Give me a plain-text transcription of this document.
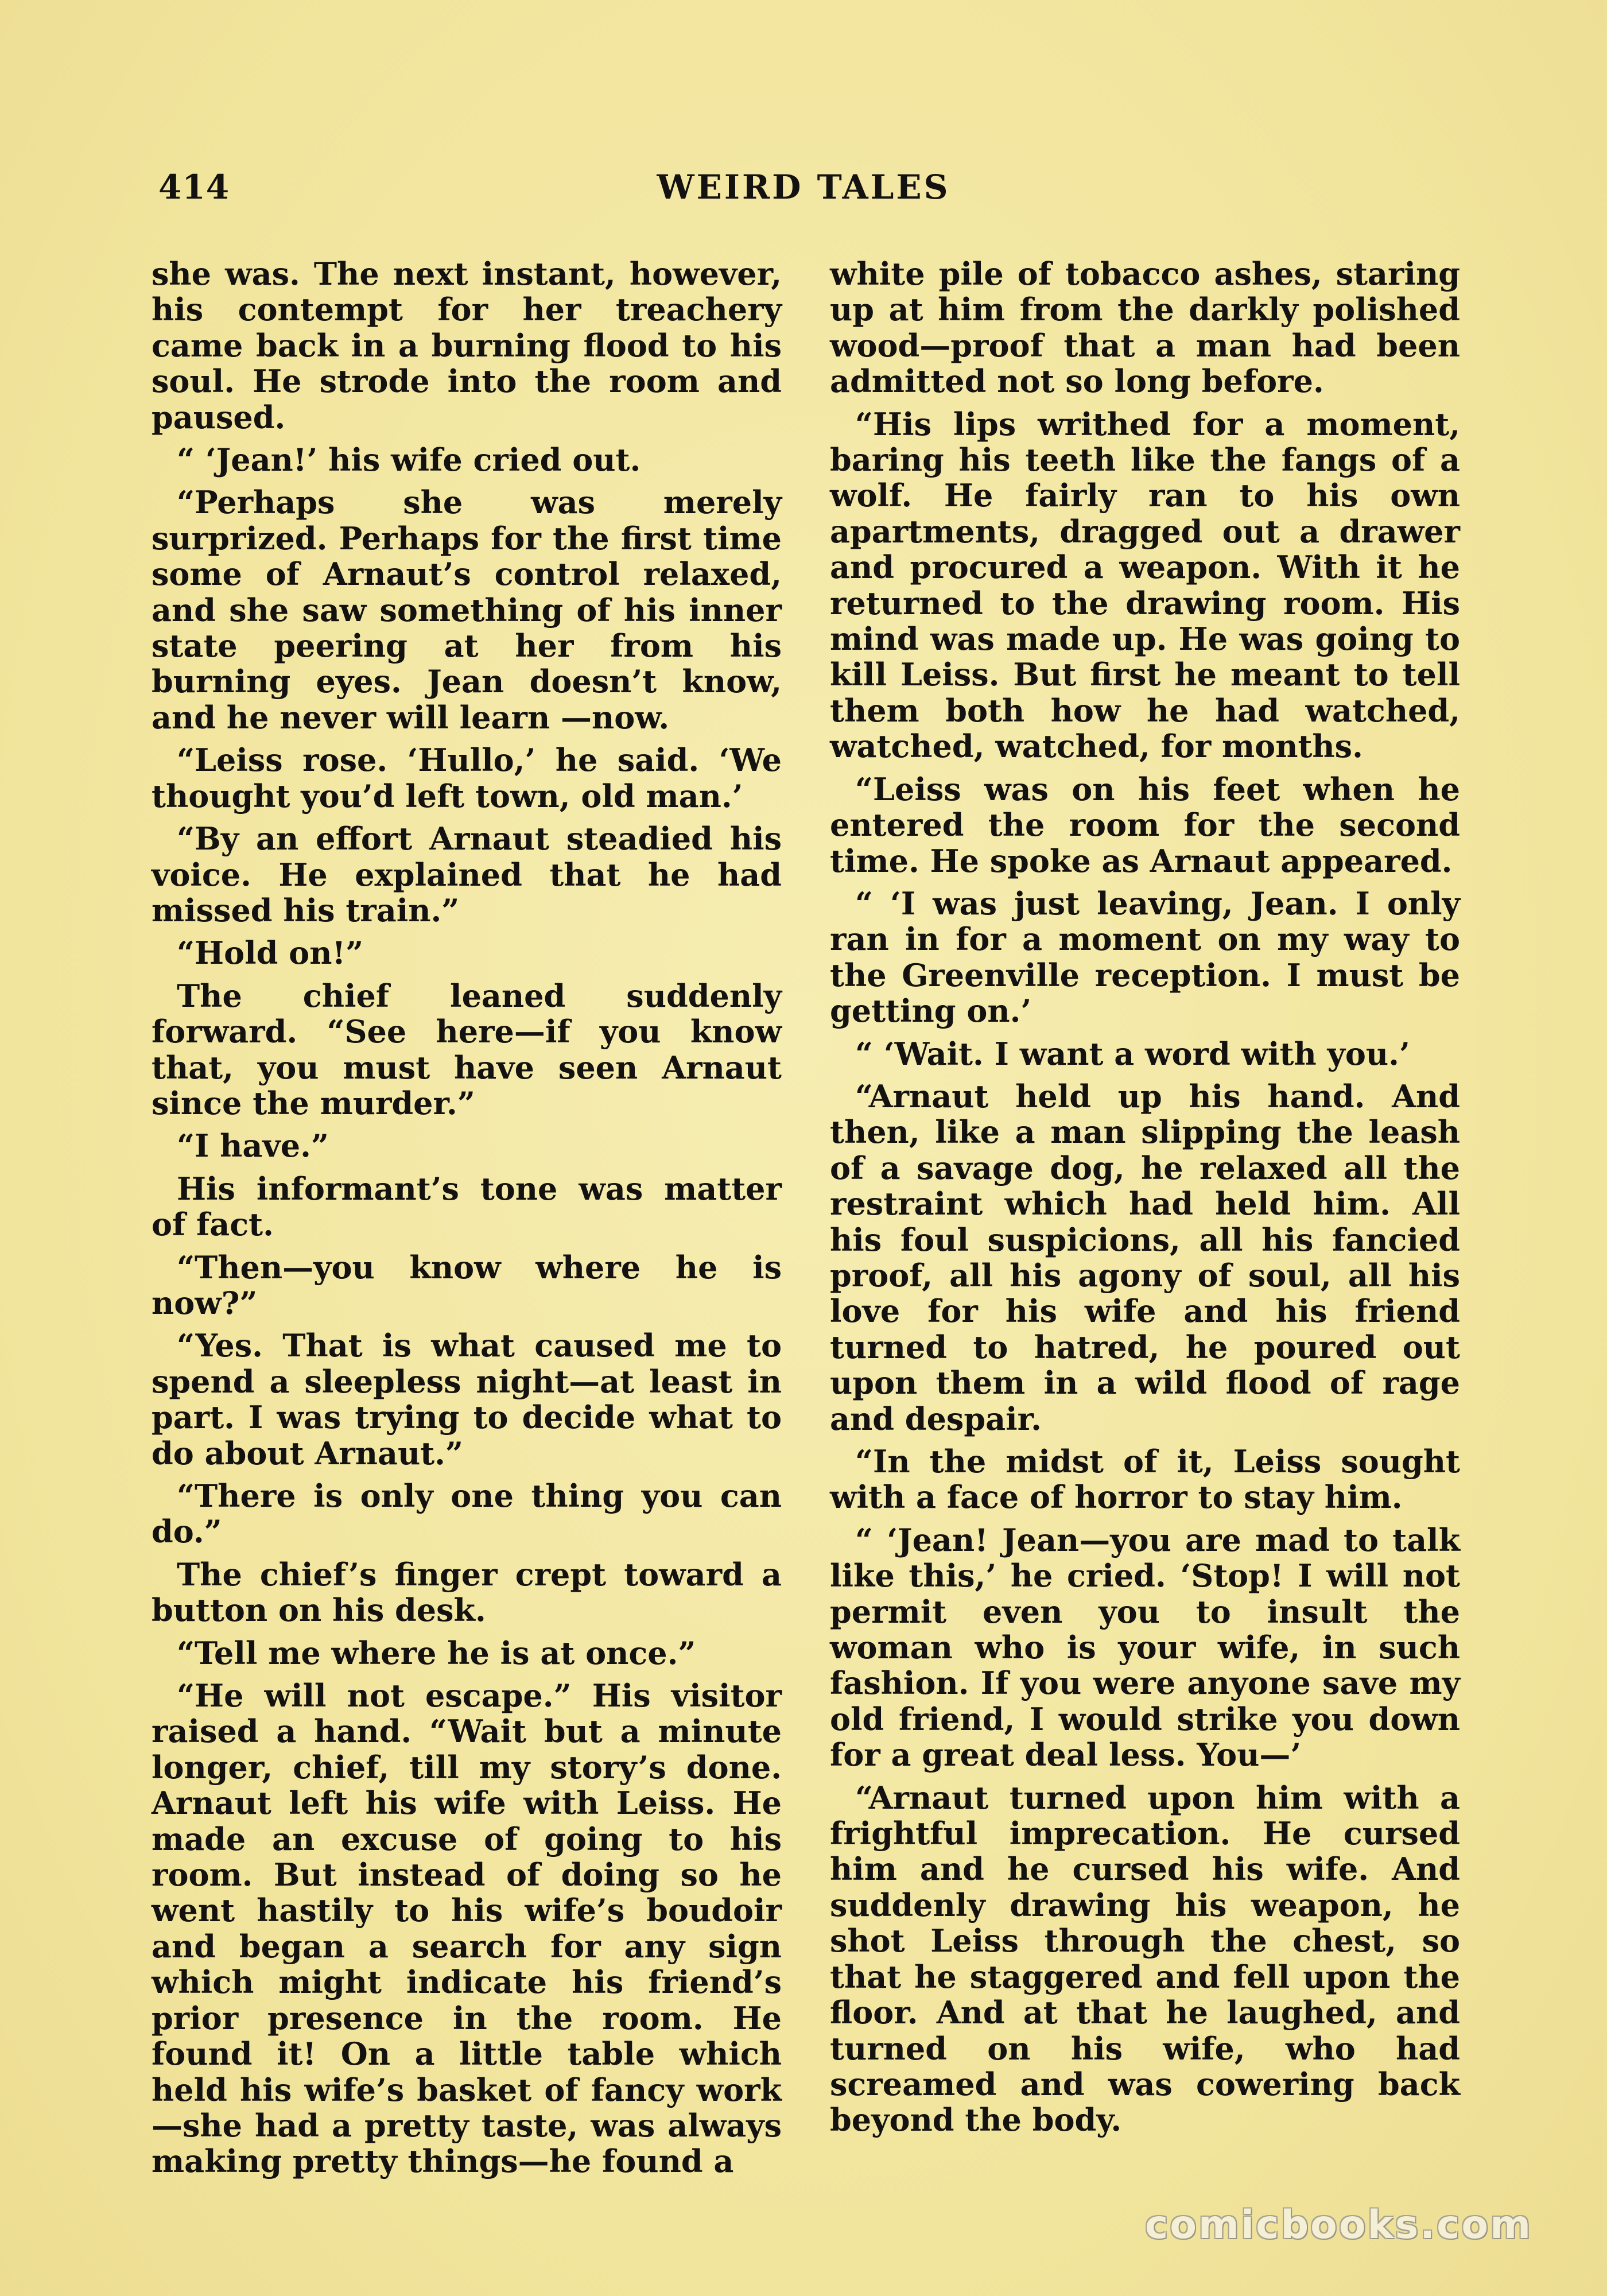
414	WEIRD TALES

she was. The next instant, however, his contempt for her treachery came back in a burning flood to his soul. He strode into the room and paused.

“ ‘Jean!’ his wife cried out.

“Perhaps she was merely surprized. Perhaps for the first time some of Arnaut’s control relaxed, and she saw something of his inner state peering at her from his burning eyes. Jean doesn’t know, and he never will learn —now.

“Leiss rose. ‘Hullo,’ he said. ‘We thought you’d left town, old man.’

“By an effort Arnaut steadied his voice. He explained that he had missed his train.”

“Hold on!”

The chief leaned suddenly forward. “See here—if you know that, you must have seen Arnaut since the murder.”

“I have.”

His informant’s tone was matter of fact.

“Then—you know where he is now?”

“Yes. That is what caused me to spend a sleepless night—at least in part. I was trying to decide what to do about Arnaut.”

“There is only one thing you can do.”

The chief’s finger crept toward a button on his desk.

“Tell me where he is at once.”

“He will not escape.” His visitor raised a hand. “Wait but a minute longer, chief, till my story’s done. Arnaut left his wife with Leiss. He made an excuse of going to his room. But instead of doing so he went hastily to his wife’s boudoir and began a search for any sign which might indicate his friend’s prior presence in the room. He found it! On a little table which held his wife’s basket of fancy work —she had a pretty taste, was always making pretty things—he found a

white pile of tobacco ashes, staring up at him from the darkly polished wood—proof that a man had been admitted not so long before.

“His lips writhed for a moment, baring his teeth like the fangs of a wolf. He fairly ran to his own apartments, dragged out a drawer and procured a weapon. With it he returned to the drawing room. His mind was made up. He was going to kill Leiss. But first he meant to tell them both how he had watched, watched, watched, for months.

“Leiss was on his feet when he entered the room for the second time. He spoke as Arnaut appeared.

“ ‘I was just leaving, Jean. I only ran in for a moment on my way to the Greenville reception. I must be getting on.’

“ ‘Wait. I want a word with you.’

“Arnaut held up his hand. And then, like a man slipping the leash of a savage dog, he relaxed all the restraint which had held him. All his foul suspicions, all his fancied proof, all his agony of soul, all his love for his wife and his friend turned to hatred, he poured out upon them in a wild flood of rage and despair.

“In the midst of it, Leiss sought with a face of horror to stay him.

“ ‘Jean! Jean—you are mad to talk like this,’ he cried. ‘Stop! I will not permit even you to insult the woman who is your wife, in such fashion. If you were anyone save my old friend, I would strike you down for a great deal less. You—’

“Arnaut turned upon him with a frightful imprecation. He cursed him and he cursed his wife. And suddenly drawing his weapon, he shot Leiss through the chest, so that he staggered and fell upon the floor. And at that he laughed, and turned on his wife, who had screamed and was cowering back beyond the body.

comicbooks.com
